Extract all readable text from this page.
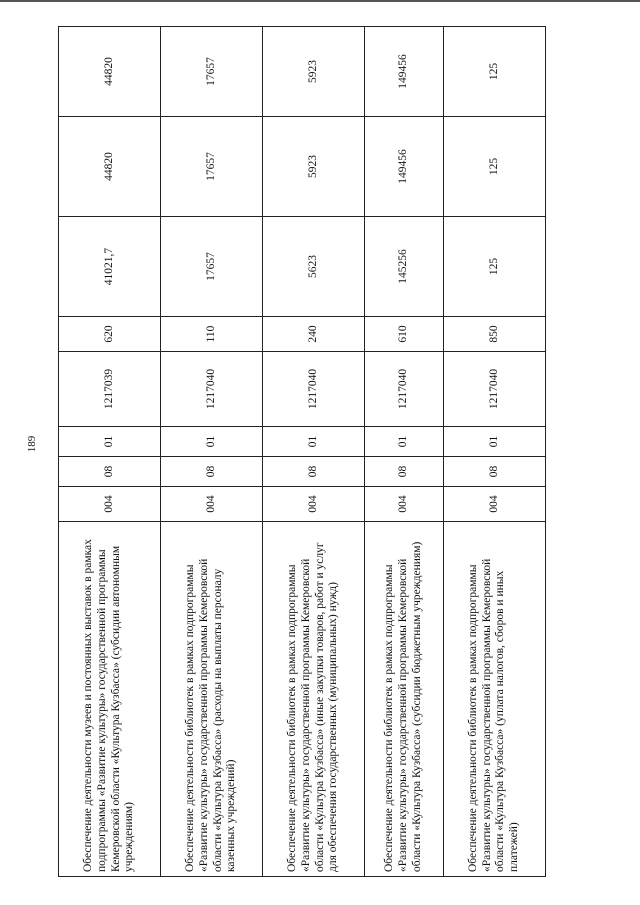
189
Обеспечение деятельности музеев и постоянных выставок в рамках подпрограммы «Развитие культуры» государственной программы Кемеровской области «Культура Кузбасса» (субсидии автономным учреждениям)	004	08	01	1217039	620	41021,7	44820	44820
Обеспечение деятельности библиотек в рамках подпрограммы «Развитие культуры» государственной программы Кемеровской области «Культура Кузбасса» (расходы на выплаты персоналу казенных учреждений)	004	08	01	1217040	110	17657	17657	17657
Обеспечение деятельности библиотек в рамках подпрограммы «Развитие культуры» государственной программы Кемеровской области «Культура Кузбасса» (иные закупки товаров, работ и услуг для обеспечения государственных (муниципальных) нужд)	004	08	01	1217040	240	5623	5923	5923
Обеспечение деятельности библиотек в рамках подпрограммы «Развитие культуры» государственной программы Кемеровской области «Культура Кузбасса» (субсидии бюджетным учреждениям)	004	08	01	1217040	610	145256	149456	149456
Обеспечение деятельности библиотек в рамках подпрограммы «Развитие культуры» государственной программы Кемеровской области «Культура Кузбасса» (уплата налогов, сборов и иных платежей)	004	08	01	1217040	850	125	125	125
